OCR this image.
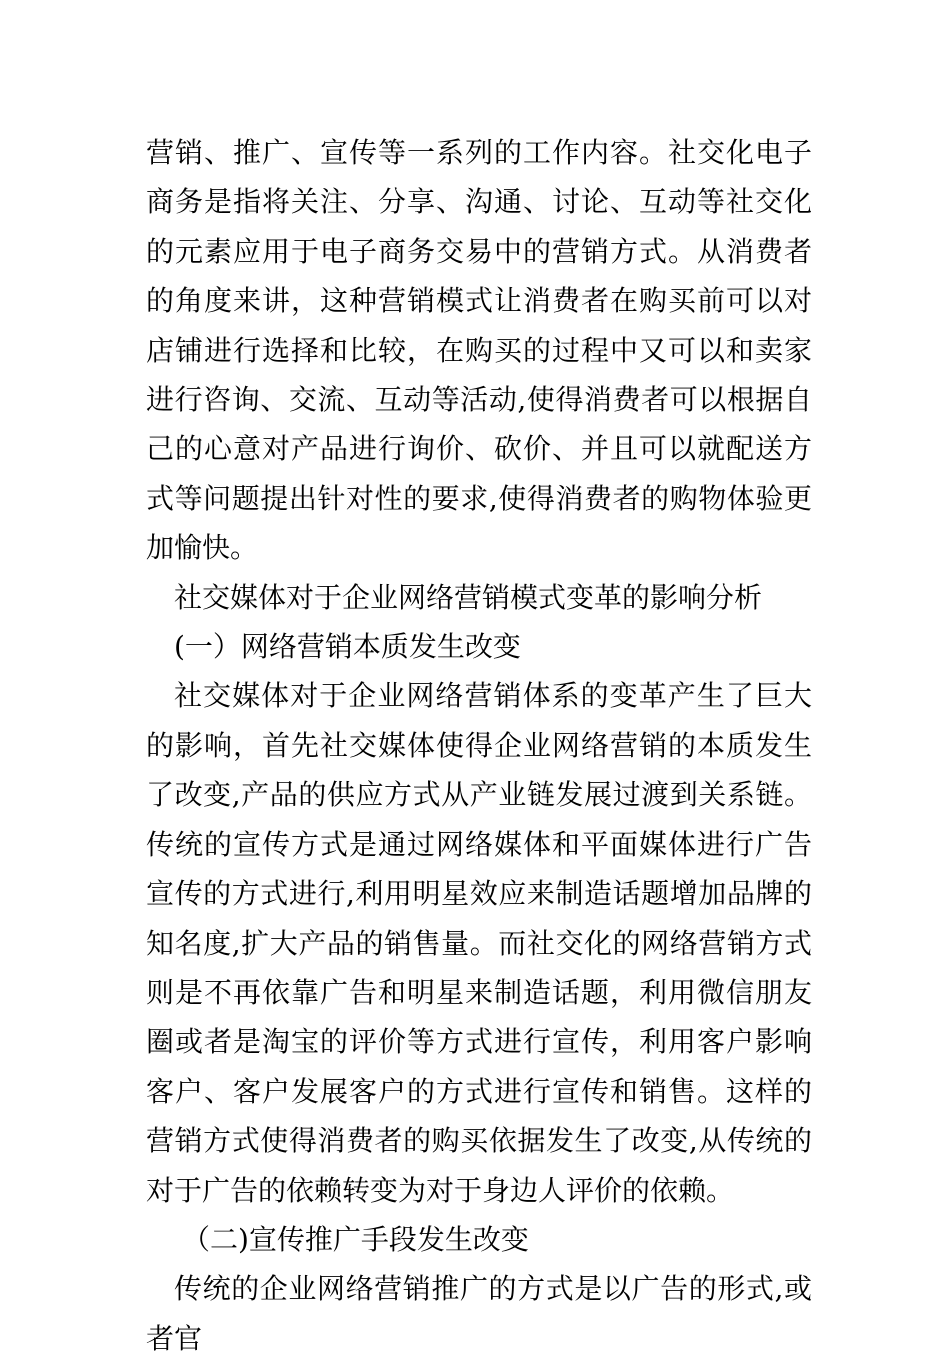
营销、推广、宣传等一系列的工作内容。社交化电子商务是指将关注、分享、沟通、讨论、互动等社交化的元素应用于电子商务交易中的营销方式。从消费者的角度来讲，这种营销模式让消费者在购买前可以对店铺进行选择和比较，在购买的过程中又可以和卖家进行咨询、交流、互动等活动,使得消费者可以根据自己的心意对产品进行询价、砍价、并且可以就配送方式等问题提出针对性的要求,使得消费者的购物体验更加愉快。

社交媒体对于企业网络营销模式变革的影响分析

(一）网络营销本质发生改变

社交媒体对于企业网络营销体系的变革产生了巨大的影响，首先社交媒体使得企业网络营销的本质发生了改变,产品的供应方式从产业链发展过渡到关系链。传统的宣传方式是通过网络媒体和平面媒体进行广告宣传的方式进行,利用明星效应来制造话题增加品牌的知名度,扩大产品的销售量。而社交化的网络营销方式则是不再依靠广告和明星来制造话题，利用微信朋友圈或者是淘宝的评价等方式进行宣传，利用客户影响客户、客户发展客户的方式进行宣传和销售。这样的营销方式使得消费者的购买依据发生了改变,从传统的对于广告的依赖转变为对于身边人评价的依赖。

（二)宣传推广手段发生改变

传统的企业网络营销推广的方式是以广告的形式,或者官
